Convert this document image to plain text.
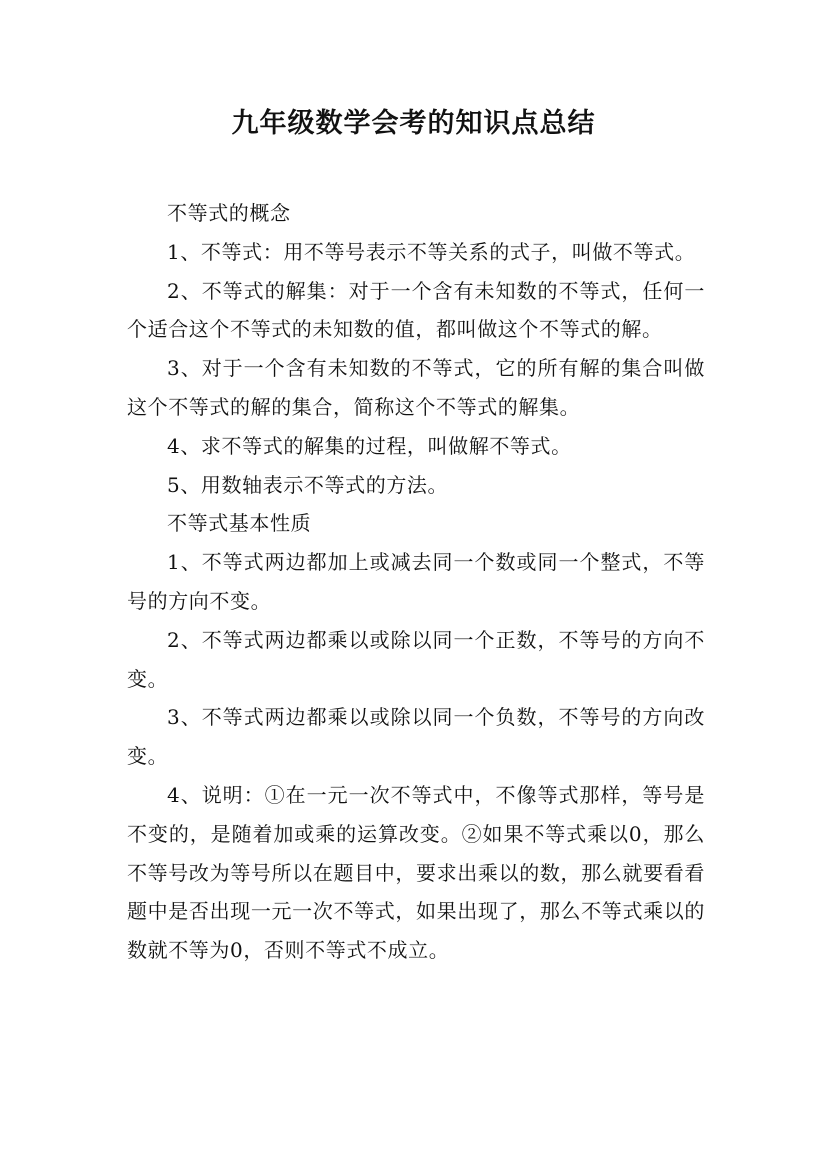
九年级数学会考的知识点总结

不等式的概念

1、不等式：用不等号表示不等关系的式子，叫做不等式。

2、不等式的解集：对于一个含有未知数的不等式，任何一个适合这个不等式的未知数的值，都叫做这个不等式的解。

3、对于一个含有未知数的不等式，它的所有解的集合叫做这个不等式的解的集合，简称这个不等式的解集。

4、求不等式的解集的过程，叫做解不等式。

5、用数轴表示不等式的方法。

不等式基本性质

1、不等式两边都加上或减去同一个数或同一个整式，不等号的方向不变。

2、不等式两边都乘以或除以同一个正数，不等号的方向不变。

3、不等式两边都乘以或除以同一个负数，不等号的方向改变。

4、说明：①在一元一次不等式中，不像等式那样，等号是不变的，是随着加或乘的运算改变。②如果不等式乘以0，那么不等号改为等号所以在题目中，要求出乘以的数，那么就要看看题中是否出现一元一次不等式，如果出现了，那么不等式乘以的数就不等为0，否则不等式不成立。
